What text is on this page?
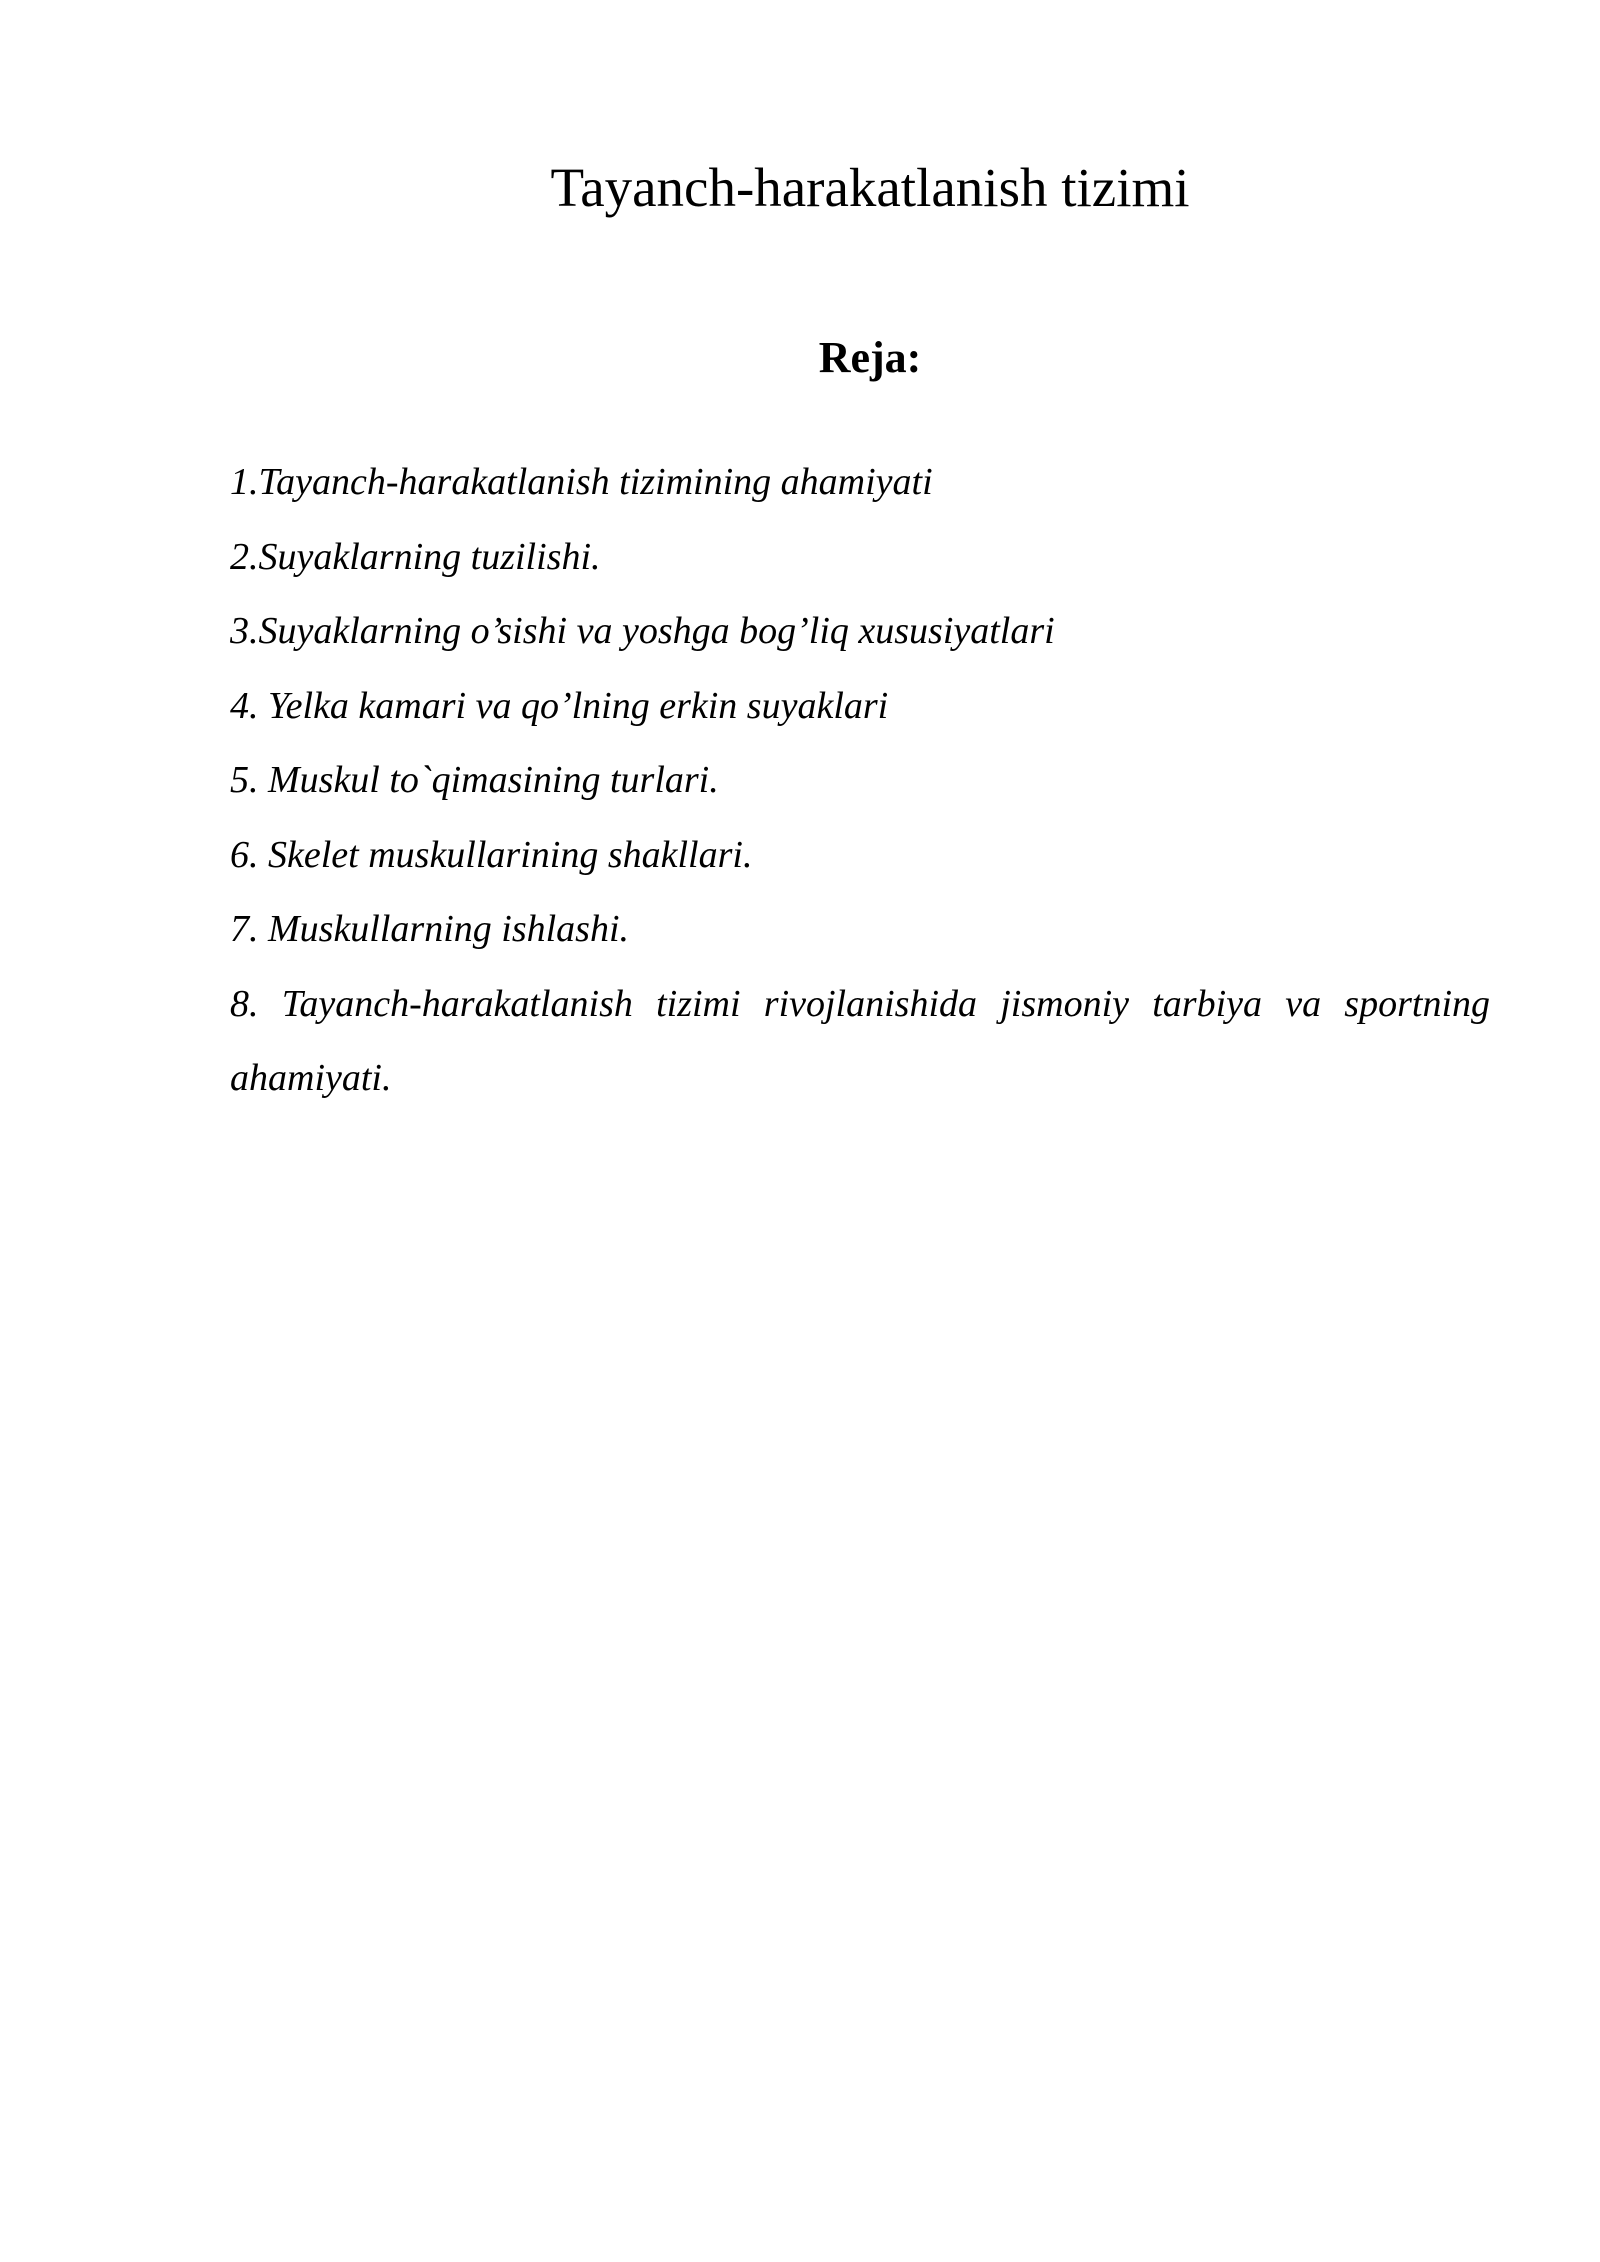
Tayanch-harakatlanish tizimi
Reja:
1.Tayanch-harakatlanish tizimining ahamiyati
2.Suyaklarning tuzilishi.
3.Suyaklarning o’sishi va yoshga bog’liq xususiyatlari
4. Yelka kamari va qo’lning erkin suyaklari
5. Muskul to`qimasining turlari.
6. Skelet muskullarining shakllari.
7. Muskullarning ishlashi.
8. Tayanch-harakatlanish tizimi rivojlanishida jismoniy tarbiya va sportning ahamiyati.
